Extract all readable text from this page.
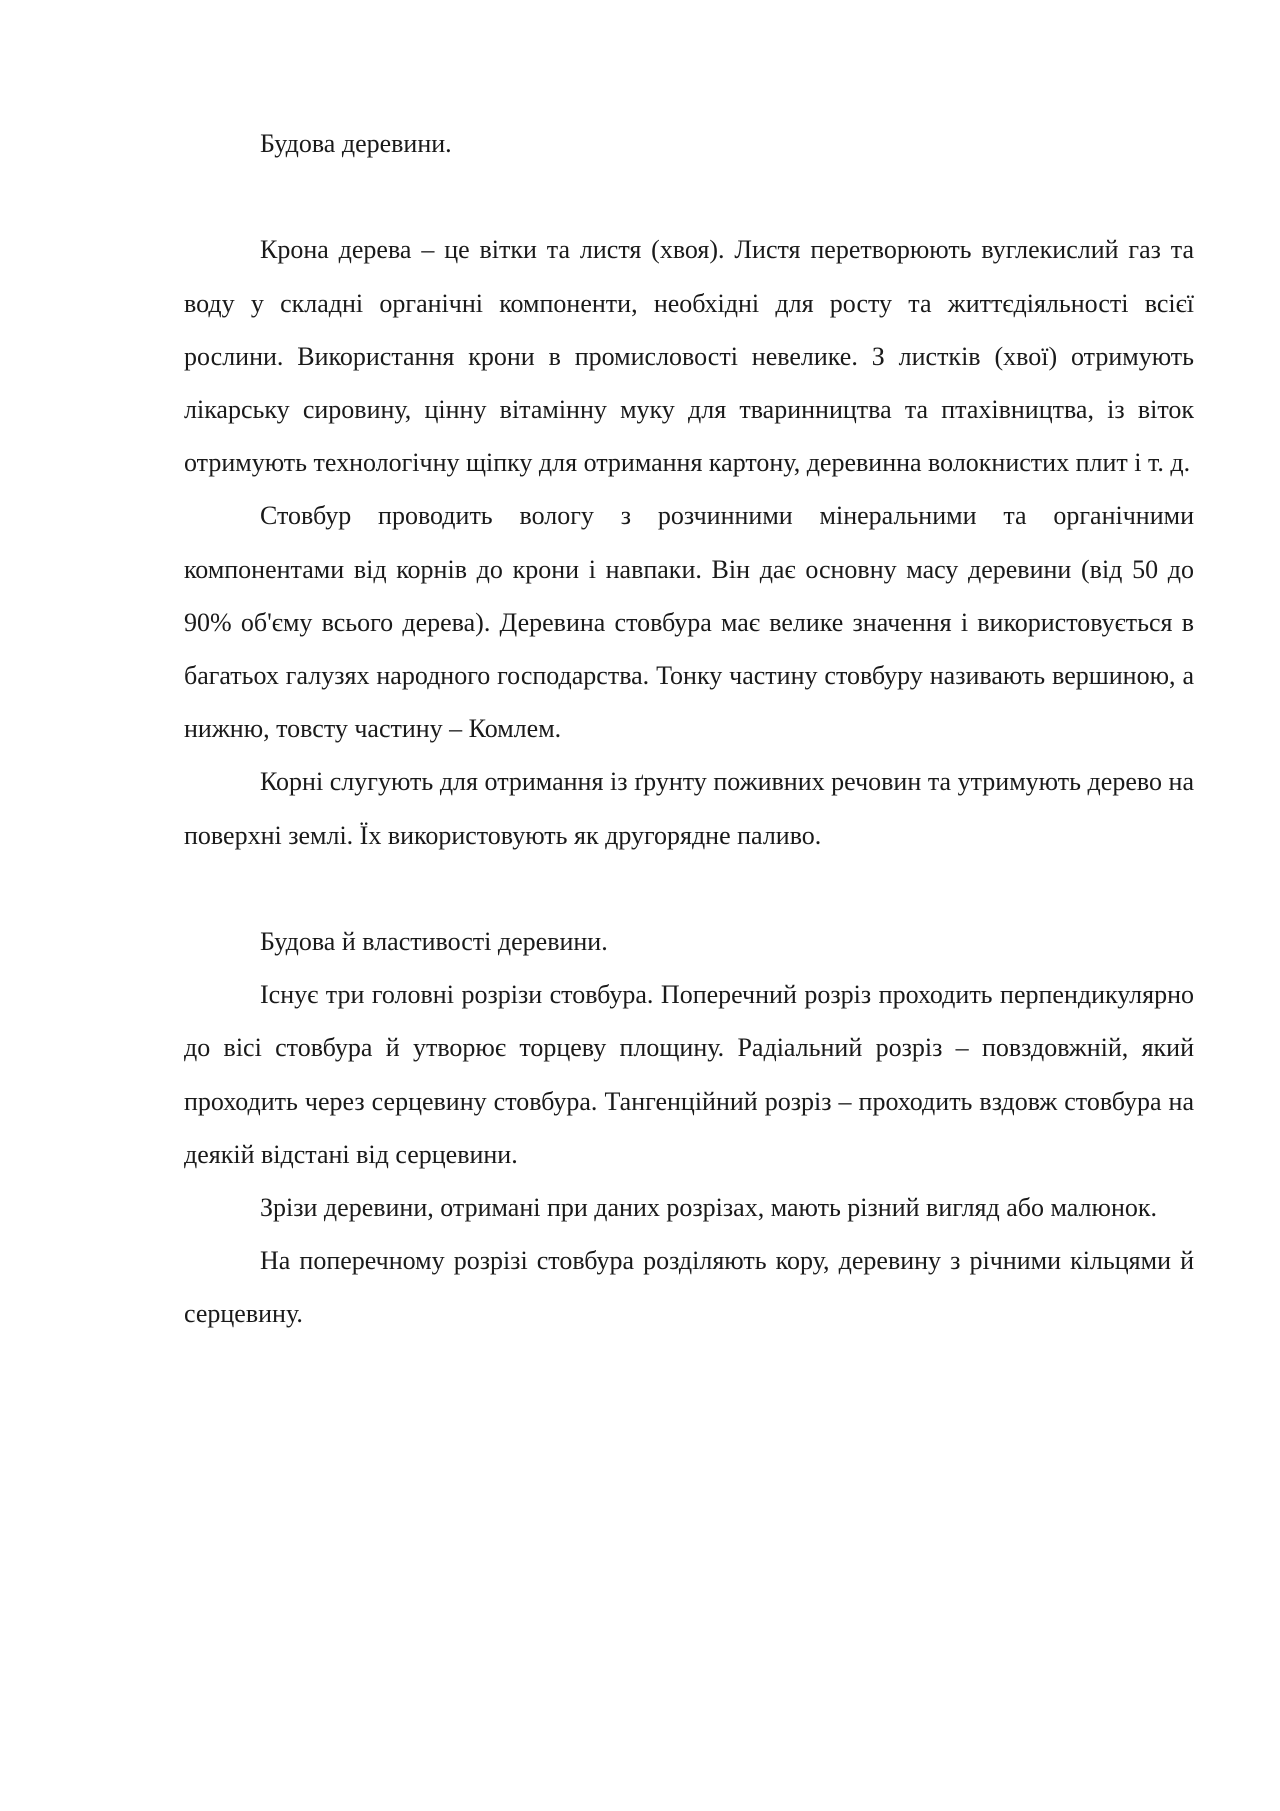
Будова деревини.

Крона дерева – це вітки та листя (хвоя). Листя перетворюють вуглекислий газ та воду у складні органічні компоненти, необхідні для росту та життєдіяльності всієї рослини. Використання крони в промисловості невелике. З листків (хвої) отримують лікарську сировину, цінну вітамінну муку для тваринництва та птахівництва, із віток отримують технологічну щіпку для отримання картону, деревинна волокнистих плит і т. д.

Стовбур проводить вологу з розчинними мінеральними та органічними компонентами від корнів до крони і навпаки. Він дає основну масу деревини (від 50 до 90% об'єму всього дерева). Деревина стовбура має велике значення і використовується в багатьох галузях народного господарства. Тонку частину стовбуру називають вершиною, а нижню, товсту частину – Комлем.

Корні слугують для отримання із ґрунту поживних речовин та утримують дерево на поверхні землі. Їх використовують як другорядне паливо.

Будова й властивості деревини.

Існує три головні розрізи стовбура. Поперечний розріз проходить перпендикулярно до вісі стовбура й утворює торцеву площину. Радіальний розріз – повздовжній, який проходить через серцевину стовбура. Тангенційний розріз – проходить вздовж стовбура на деякій відстані від серцевини.

Зрізи деревини, отримані при даних розрізах, мають різний вигляд або малюнок.

На поперечному розрізі стовбура розділяють кору, деревину з річними кільцями й серцевину.
